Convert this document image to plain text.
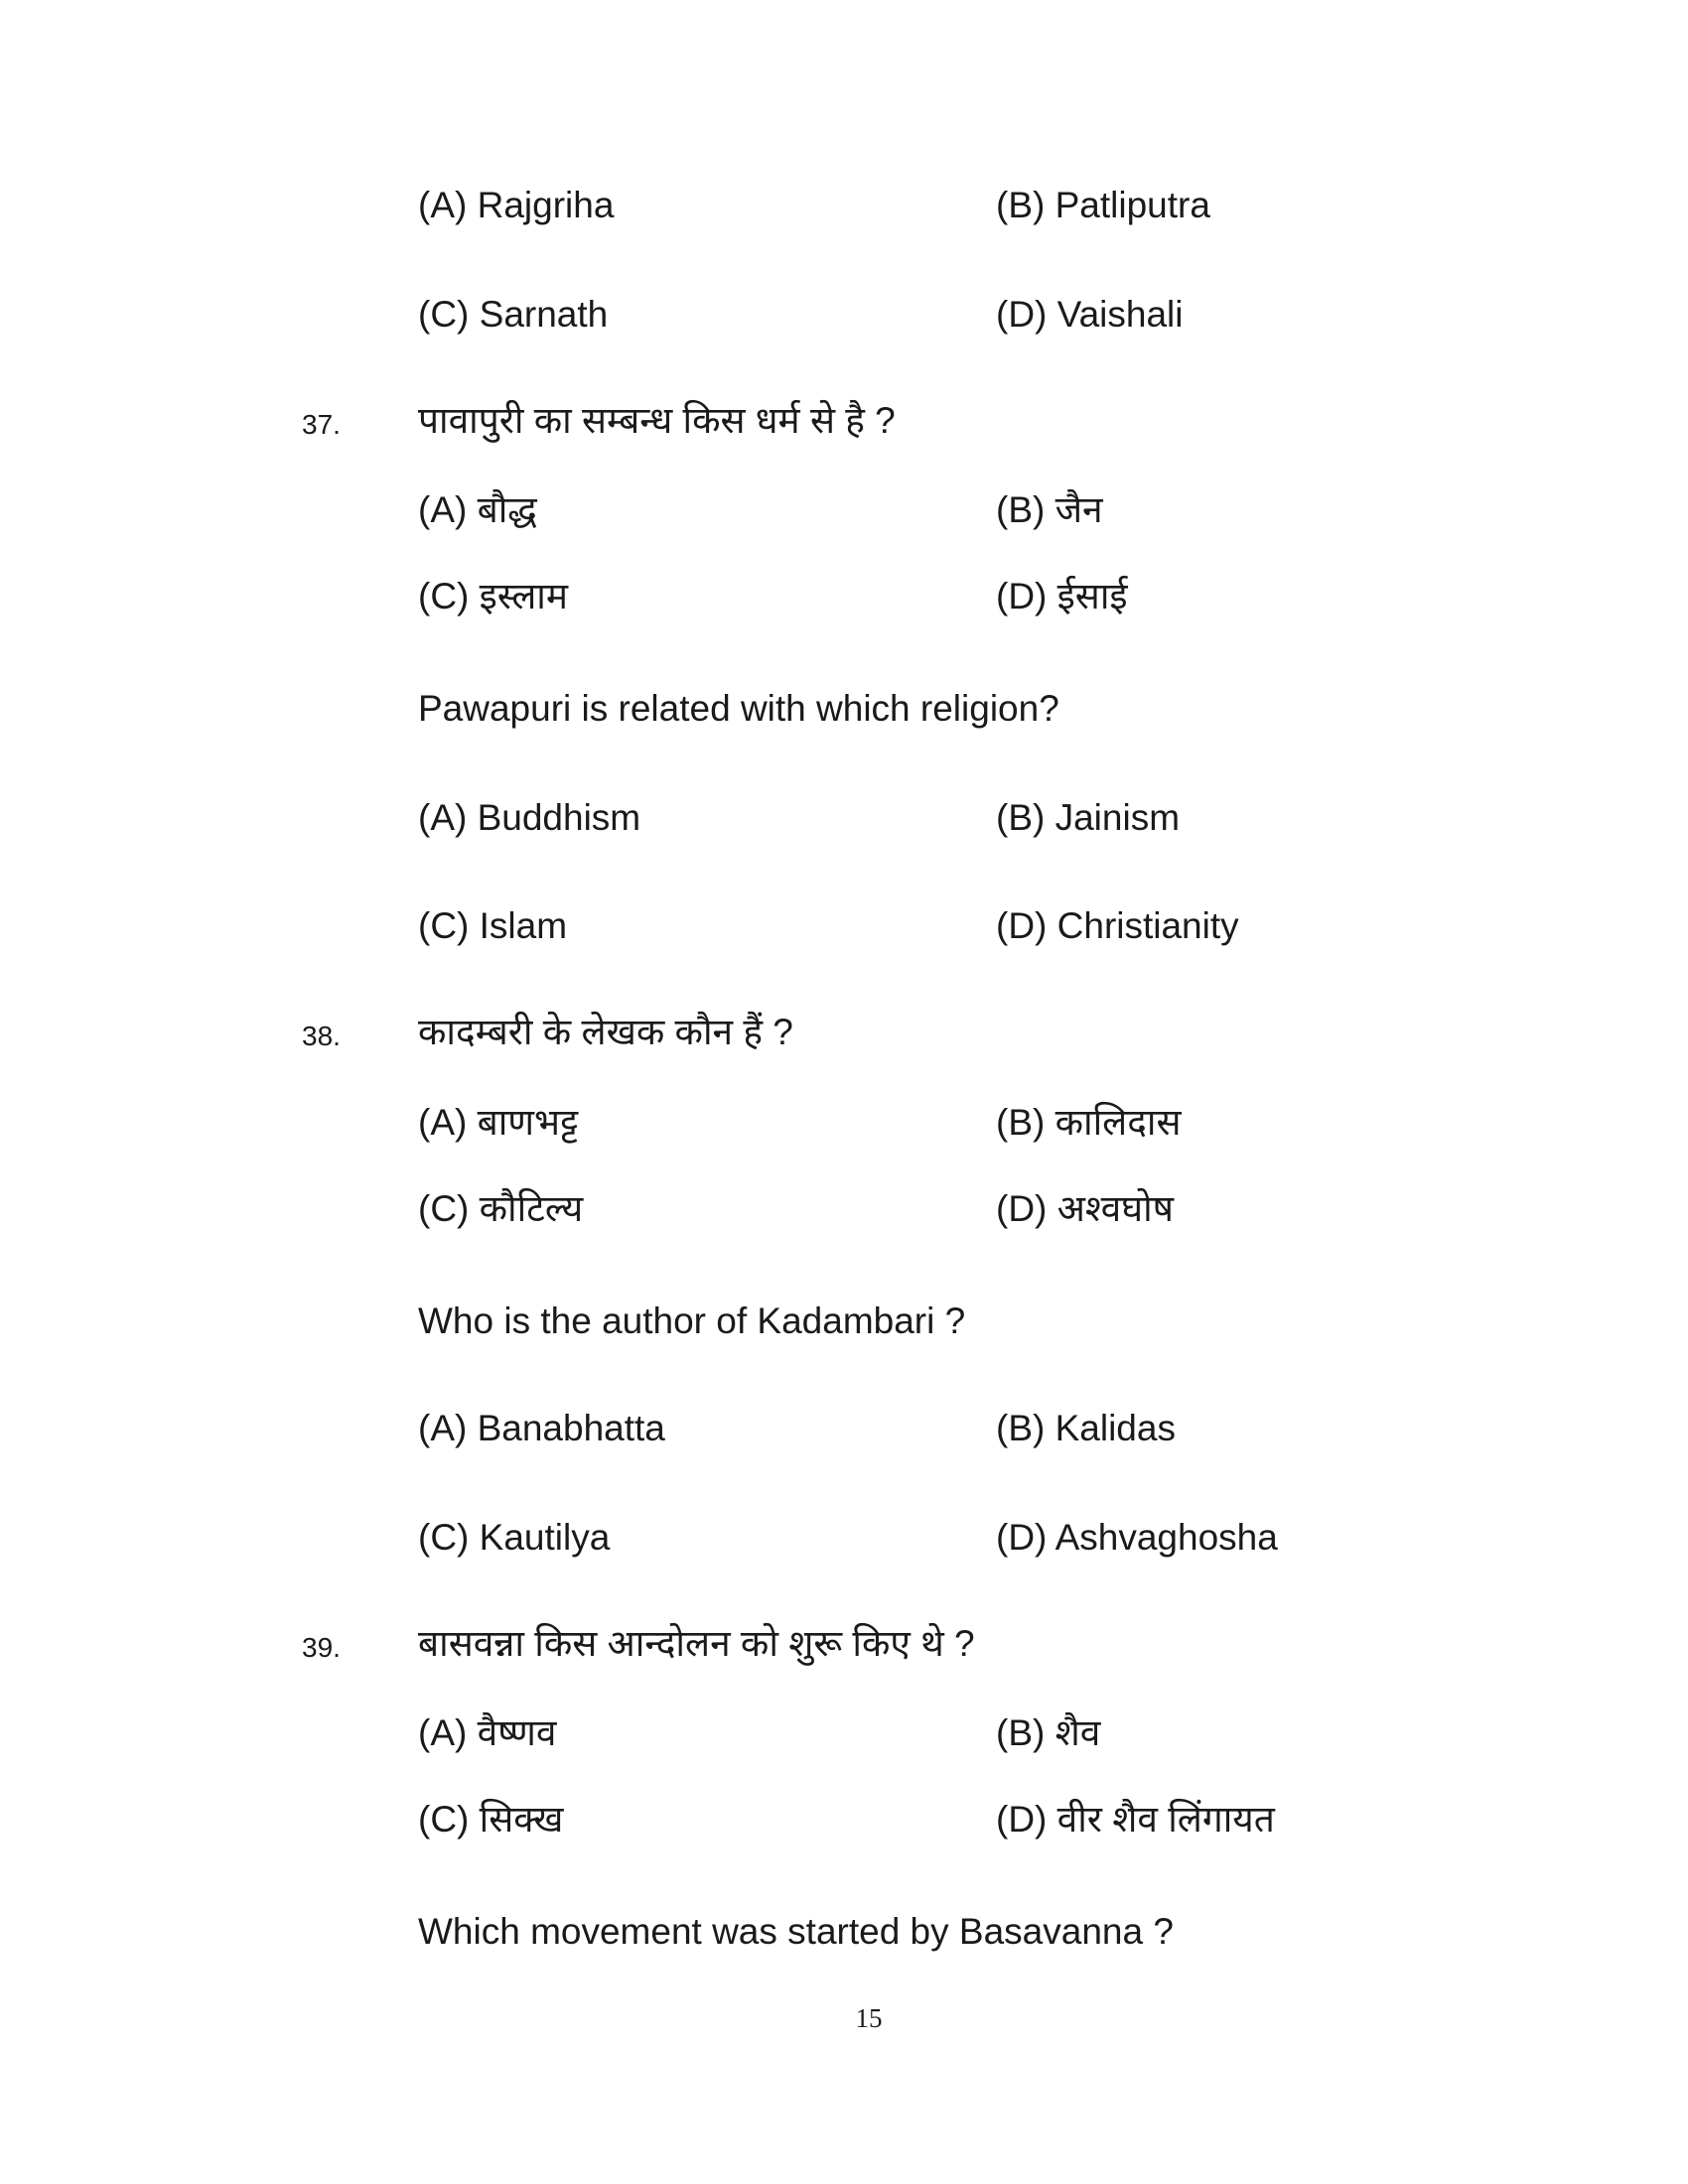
(A) Rajgriha	(B) Patliputra
(C) Sarnath	(D) Vaishali
37. पावापुरी का सम्बन्ध किस धर्म से है ?
(A) बौद्ध	(B) जैन
(C) इस्लाम	(D) ईसाई
Pawapuri is related with which religion?
(A) Buddhism	(B) Jainism
(C) Islam	(D) Christianity
38. कादम्बरी के लेखक कौन हैं ?
(A) बाणभट्ट	(B) कालिदास
(C) कौटिल्य	(D) अश्वघोष
Who is the author of Kadambari ?
(A) Banabhatta	(B) Kalidas
(C) Kautilya	(D) Ashvaghosha
39. बासवन्ना किस आन्दोलन को शुरू किए थे ?
(A) वैष्णव	(B) शैव
(C) सिक्ख	(D) वीर शैव लिंगायत
Which movement was started by Basavanna ?
15
